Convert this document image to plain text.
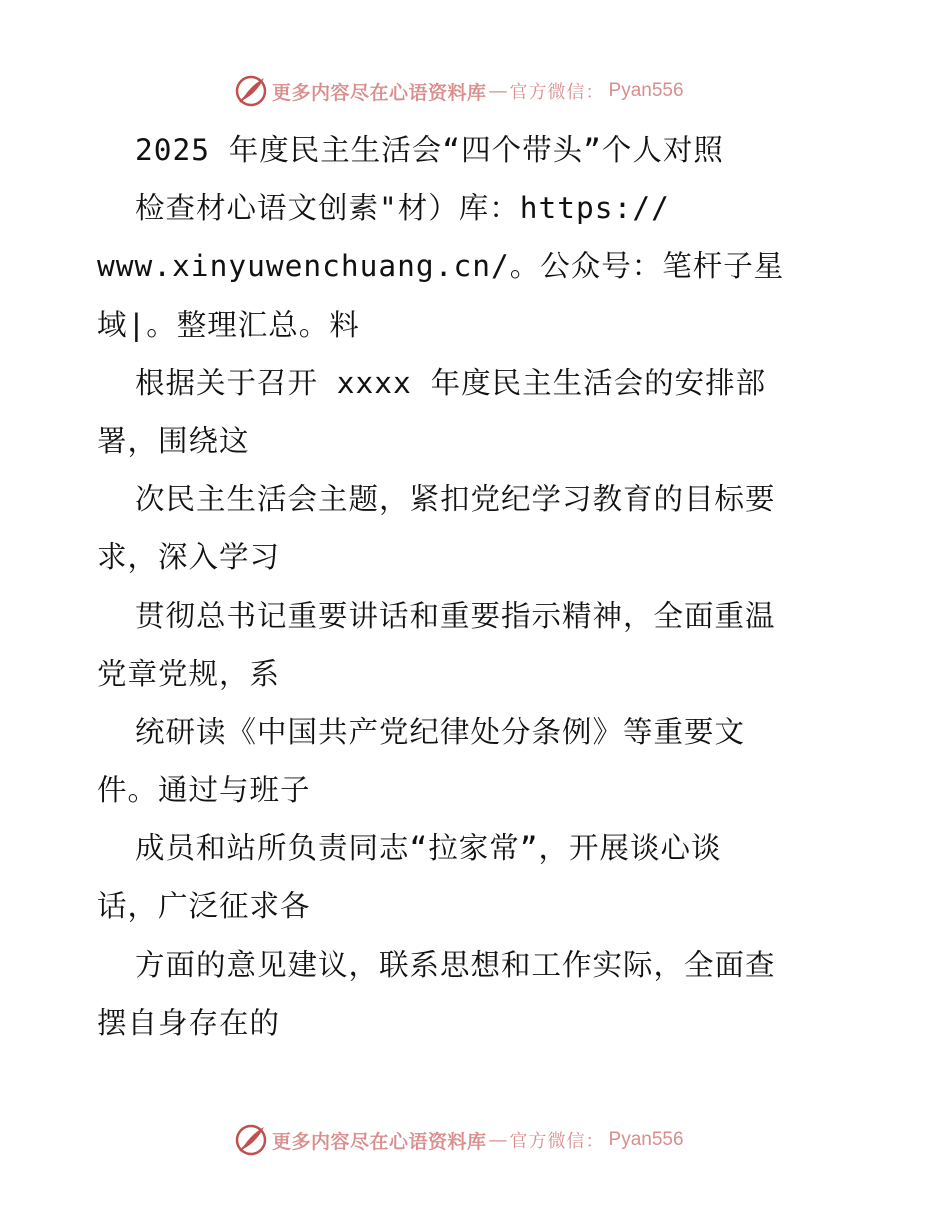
更多内容尽在心语资料库 — 官方微信： Pyan556
2025 年度民主生活会“四个带头”个人对照
检查材心语文创素"材）库：https://
www.xinyuwenchuang.cn/。公众号：笔杆子星
域|。整理汇总。料
根据关于召开 xxxx 年度民主生活会的安排部
署，围绕这
次民主生活会主题，紧扣党纪学习教育的目标要
求，深入学习
贯彻总书记重要讲话和重要指示精神，全面重温
党章党规，系
统研读《中国共产党纪律处分条例》等重要文
件。通过与班子
成员和站所负责同志“拉家常”，开展谈心谈
话，广泛征求各
方面的意见建议，联系思想和工作实际，全面查
摆自身存在的
更多内容尽在心语资料库 — 官方微信： Pyan556
